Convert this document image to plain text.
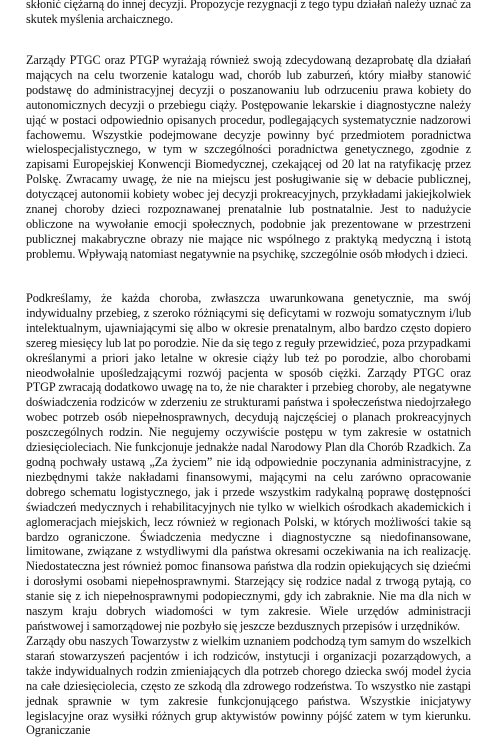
skłonić ciężarną do innej decyzji. Propozycje rezygnacji z tego typu działań należy uznać za skutek myślenia archaicznego.

Zarządy PTGC oraz PTGP wyrażają również swoją zdecydowaną dezaprobatę dla działań mających na celu tworzenie katalogu wad, chorób lub zaburzeń, który miałby stanowić podstawę do administracyjnej decyzji o poszanowaniu lub odrzuceniu prawa kobiety do autonomicznych decyzji o przebiegu ciąży. Postępowanie lekarskie i diagnostyczne należy ująć w postaci odpowiednio opisanych procedur, podlegających systematycznie nadzorowi fachowemu. Wszystkie podejmowane decyzje powinny być przedmiotem poradnictwa wielospecjalistycznego, w tym w szczególności poradnictwa genetycznego, zgodnie z zapisami Europejskiej Konwencji Biomedycznej, czekającej od 20 lat na ratyfikację przez Polskę. Zwracamy uwagę, że nie na miejscu jest posługiwanie się w debacie publicznej, dotyczącej autonomii kobiety wobec jej decyzji prokreacyjnych, przykładami jakiejkolwiek znanej choroby dzieci rozpoznawanej prenatalnie lub postnatalnie. Jest to nadużycie obliczone na wywołanie emocji społecznych, podobnie jak prezentowane w przestrzeni publicznej makabryczne obrazy nie mające nic wspólnego z praktyką medyczną i istotą problemu. Wpływają natomiast negatywnie na psychikę, szczególnie osób młodych i dzieci.

Podkreślamy, że każda choroba, zwłaszcza uwarunkowana genetycznie, ma swój indywidualny przebieg, z szeroko różniącymi się deficytami w rozwoju somatycznym i/lub intelektualnym, ujawniającymi się albo w okresie prenatalnym, albo bardzo często dopiero szereg miesięcy lub lat po porodzie. Nie da się tego z reguły przewidzieć, poza przypadkami określanymi a priori jako letalne w okresie ciąży lub też po porodzie, albo chorobami nieodwołalnie upośledzającymi rozwój pacjenta w sposób ciężki. Zarządy PTGC oraz PTGP zwracają dodatkowo uwagę na to, że nie charakter i przebieg choroby, ale negatywne doświadczenia rodziców w zderzeniu ze strukturami państwa i społeczeństwa niedojrzałego wobec potrzeb osób niepełnosprawnych, decydują najczęściej o planach prokreacyjnych poszczególnych rodzin. Nie negujemy oczywiście postępu w tym zakresie w ostatnich dziesięcioleciach. Nie funkcjonuje jednakże nadal Narodowy Plan dla Chorób Rzadkich. Za godną pochwały ustawą „Za życiem” nie idą odpowiednie poczynania administracyjne, z niezbędnymi także nakładami finansowymi, mającymi na celu zarówno opracowanie dobrego schematu logistycznego, jak i przede wszystkim radykalną poprawę dostępności świadczeń medycznych i rehabilitacyjnych nie tylko w wielkich ośrodkach akademickich i aglomeracjach miejskich, lecz również w regionach Polski, w których możliwości takie są bardzo ograniczone. Świadczenia medyczne i diagnostyczne są niedofinansowane, limitowane, związane z wstydliwymi dla państwa okresami oczekiwania na ich realizację. Niedostateczna jest również pomoc finansowa państwa dla rodzin opiekujących się dziećmi i dorosłymi osobami niepełnosprawnymi. Starzejący się rodzice nadal z trwogą pytają, co stanie się z ich niepełnosprawnymi podopiecznymi, gdy ich zabraknie. Nie ma dla nich w naszym kraju dobrych wiadomości w tym zakresie. Wiele urzędów administracji państwowej i samorządowej nie pozbyło się jeszcze bezdusznych przepisów i urzędników.

Zarządy obu naszych Towarzystw z wielkim uznaniem podchodzą tym samym do wszelkich starań stowarzyszeń pacjentów i ich rodziców, instytucji i organizacji pozarządowych, a także indywidualnych rodzin zmieniających dla potrzeb chorego dziecka swój model życia na całe dziesięciolecia, często ze szkodą dla zdrowego rodzeństwa. To wszystko nie zastąpi jednak sprawnie w tym zakresie funkcjonującego państwa. Wszystkie inicjatywy legislacyjne oraz wysiłki różnych grup aktywistów powinny pójść zatem w tym kierunku. Ograniczanie
